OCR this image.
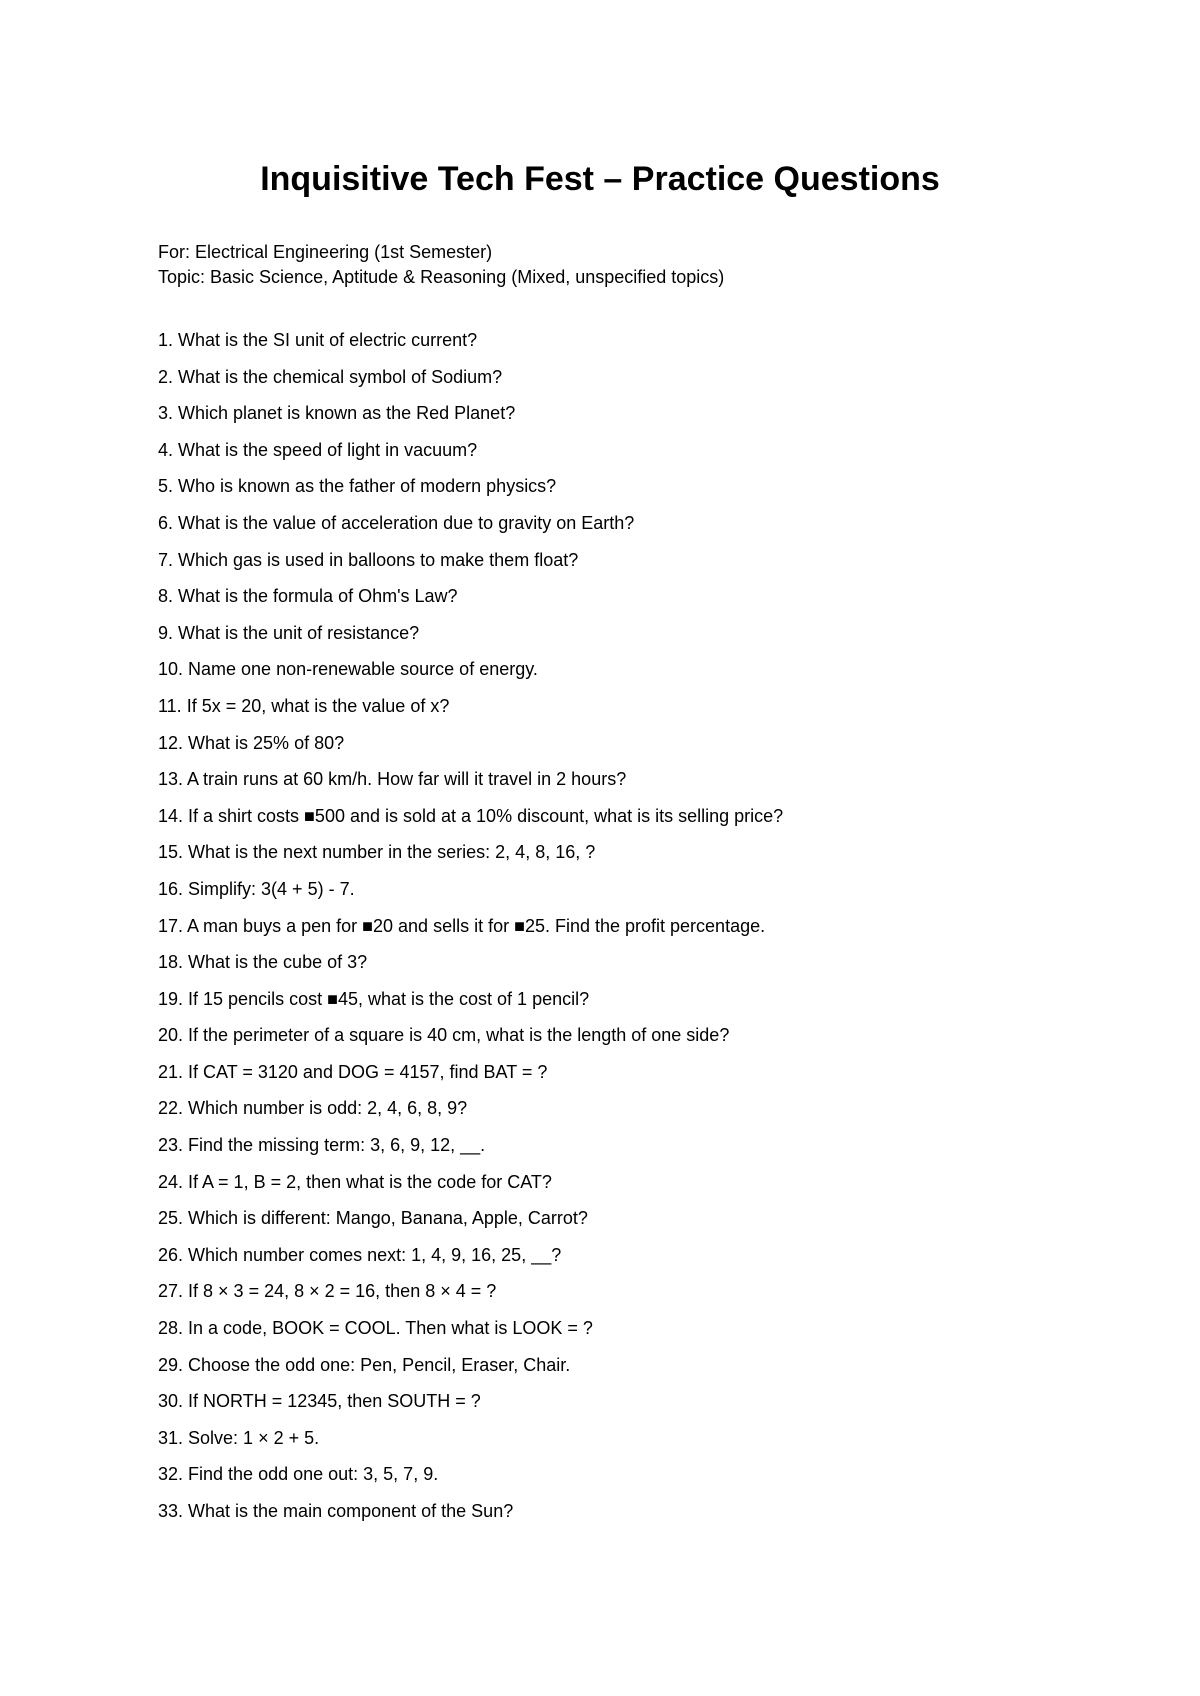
Inquisitive Tech Fest – Practice Questions

For: Electrical Engineering (1st Semester)

Topic: Basic Science, Aptitude & Reasoning (Mixed, unspecified topics)

1. What is the SI unit of electric current?
2. What is the chemical symbol of Sodium?
3. Which planet is known as the Red Planet?
4. What is the speed of light in vacuum?
5. Who is known as the father of modern physics?
6. What is the value of acceleration due to gravity on Earth?
7. Which gas is used in balloons to make them float?
8. What is the formula of Ohm's Law?
9. What is the unit of resistance?
10. Name one non-renewable source of energy.
11. If 5x = 20, what is the value of x?
12. What is 25% of 80?
13. A train runs at 60 km/h. How far will it travel in 2 hours?
14. If a shirt costs ■500 and is sold at a 10% discount, what is its selling price?
15. What is the next number in the series: 2, 4, 8, 16, ?
16. Simplify: 3(4 + 5) - 7.
17. A man buys a pen for ■20 and sells it for ■25. Find the profit percentage.
18. What is the cube of 3?
19. If 15 pencils cost ■45, what is the cost of 1 pencil?
20. If the perimeter of a square is 40 cm, what is the length of one side?
21. If CAT = 3120 and DOG = 4157, find BAT = ?
22. Which number is odd: 2, 4, 6, 8, 9?
23. Find the missing term: 3, 6, 9, 12, __.
24. If A = 1, B = 2, then what is the code for CAT?
25. Which is different: Mango, Banana, Apple, Carrot?
26. Which number comes next: 1, 4, 9, 16, 25, __?
27. If 8 × 3 = 24, 8 × 2 = 16, then 8 × 4 = ?
28. In a code, BOOK = COOL. Then what is LOOK = ?
29. Choose the odd one: Pen, Pencil, Eraser, Chair.
30. If NORTH = 12345, then SOUTH = ?
31. Solve: 1 × 2 + 5.
32. Find the odd one out: 3, 5, 7, 9.
33. What is the main component of the Sun?
